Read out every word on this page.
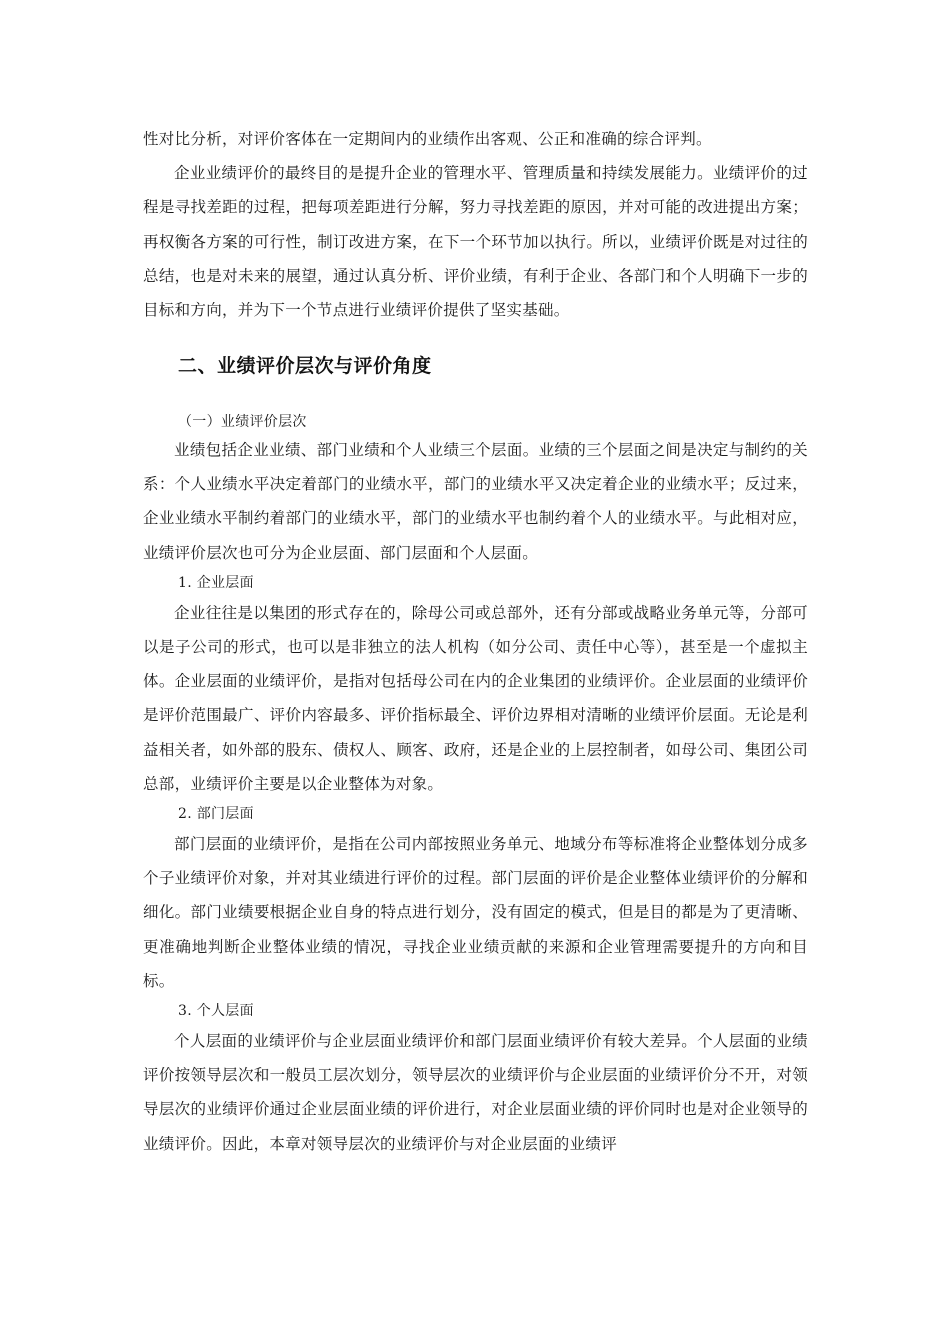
性对比分析，对评价客体在一定期间内的业绩作出客观、公正和准确的综合评判。

企业业绩评价的最终目的是提升企业的管理水平、管理质量和持续发展能力。业绩评价的过程是寻找差距的过程，把每项差距进行分解，努力寻找差距的原因，并对可能的改进提出方案；再权衡各方案的可行性，制订改进方案，在下一个环节加以执行。所以，业绩评价既是对过往的总结，也是对未来的展望，通过认真分析、评价业绩，有利于企业、各部门和个人明确下一步的目标和方向，并为下一个节点进行业绩评价提供了坚实基础。

二、业绩评价层次与评价角度
（一）业绩评价层次

业绩包括企业业绩、部门业绩和个人业绩三个层面。业绩的三个层面之间是决定与制约的关系：个人业绩水平决定着部门的业绩水平，部门的业绩水平又决定着企业的业绩水平；反过来，企业业绩水平制约着部门的业绩水平，部门的业绩水平也制约着个人的业绩水平。与此相对应，业绩评价层次也可分为企业层面、部门层面和个人层面。

1. 企业层面

企业往往是以集团的形式存在的，除母公司或总部外，还有分部或战略业务单元等，分部可以是子公司的形式，也可以是非独立的法人机构（如分公司、责任中心等），甚至是一个虚拟主体。企业层面的业绩评价，是指对包括母公司在内的企业集团的业绩评价。企业层面的业绩评价是评价范围最广、评价内容最多、评价指标最全、评价边界相对清晰的业绩评价层面。无论是利益相关者，如外部的股东、债权人、顾客、政府，还是企业的上层控制者，如母公司、集团公司总部，业绩评价主要是以企业整体为对象。

2. 部门层面

部门层面的业绩评价，是指在公司内部按照业务单元、地域分布等标准将企业整体划分成多个子业绩评价对象，并对其业绩进行评价的过程。部门层面的评价是企业整体业绩评价的分解和细化。部门业绩要根据企业自身的特点进行划分，没有固定的模式，但是目的都是为了更清晰、更准确地判断企业整体业绩的情况，寻找企业业绩贡献的来源和企业管理需要提升的方向和目标。

3. 个人层面

个人层面的业绩评价与企业层面业绩评价和部门层面业绩评价有较大差异。个人层面的业绩评价按领导层次和一般员工层次划分，领导层次的业绩评价与企业层面的业绩评价分不开，对领导层次的业绩评价通过企业层面业绩的评价进行，对企业层面业绩的评价同时也是对企业领导的业绩评价。因此，本章对领导层次的业绩评价与对企业层面的业绩评
